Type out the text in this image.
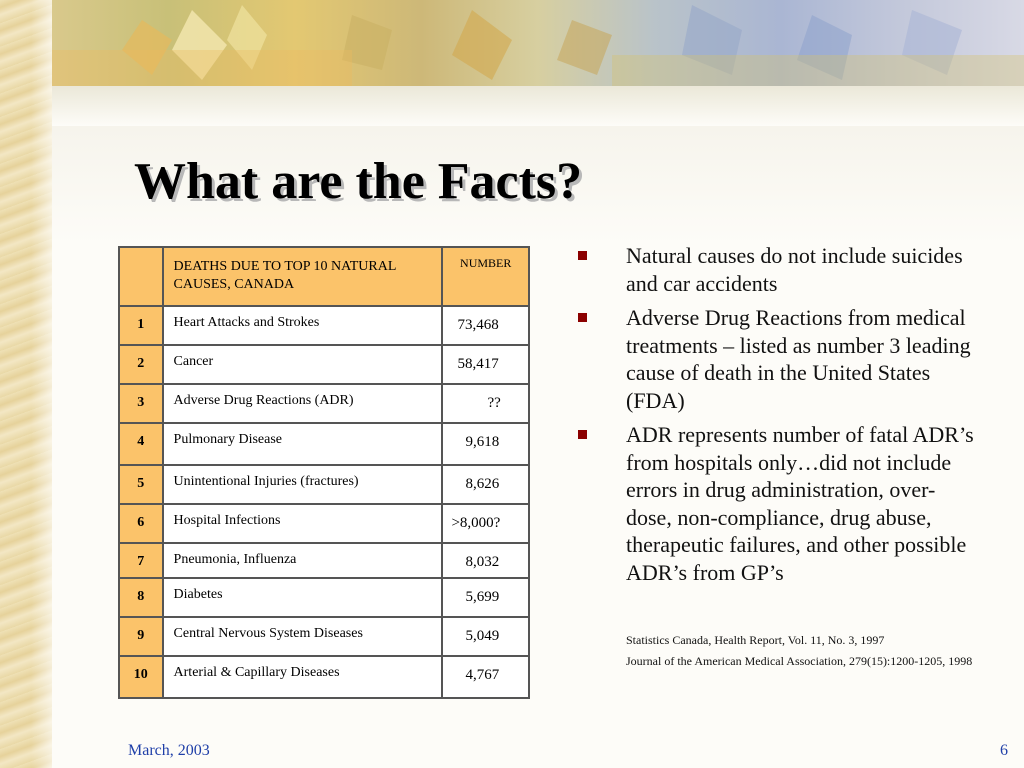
What are the Facts?

	DEATHS DUE TO TOP 10 NATURAL CAUSES, CANADA	NUMBER

1	Heart Attacks and Strokes	73,468

2	Cancer	58,417

3	Adverse Drug Reactions (ADR)	??

4	Pulmonary Disease	9,618

5	Unintentional Injuries (fractures)	8,626

6	Hospital Infections	>8,000?

7	Pneumonia, Influenza	8,032

8	Diabetes	5,699

9	Central Nervous System Diseases	5,049

10	Arterial & Capillary Diseases	4,767
Natural causes do not include suicides and car accidents
Adverse Drug Reactions from medical treatments – listed as number 3 leading cause of death in the United States (FDA)
ADR represents number of fatal ADR’s from hospitals only…did not include errors in drug administration, over-dose, non-compliance, drug abuse, therapeutic failures, and other possible ADR’s from GP’s
Statistics Canada, Health Report, Vol. 11, No. 3, 1997
Journal of the American Medical Association, 279(15):1200-1205, 1998
March, 2003	6
